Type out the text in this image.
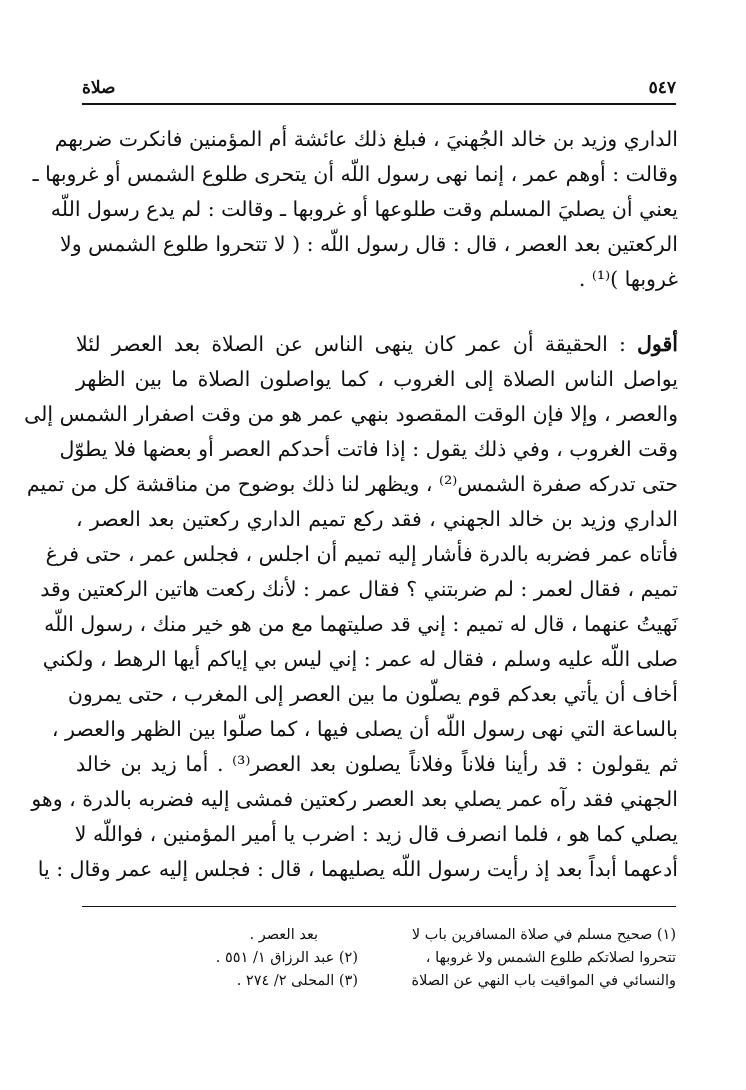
٥٤٧
صلاة
الداري وزيد بن خالد الجُهنيَ ، فبلغ ذلك عائشة أم المؤمنين فانكرت ضربهم
وقالت : أوهم عمر ، إنما نهى رسول اللّه أن يتحرى طلوع الشمس أو غروبها ـ
يعني أن يصليَ المسلم وقت طلوعها أو غروبها ـ وقالت : لم يدع رسول اللّه
الركعتين بعد العصر ، قال : قال رسول اللّه : ( لا تتحروا طلوع الشمس ولا
غروبها )⁽¹⁾ .
أقول : الحقيقة أن عمر كان ينهى الناس عن الصلاة بعد العصر لئلا
يواصل الناس الصلاة إلى الغروب ، كما يواصلون الصلاة ما بين الظهر
والعصر ، وإلا فإن الوقت المقصود بنهي عمر هو من وقت اصفرار الشمس إلى
وقت الغروب ، وفي ذلك يقول : إذا فاتت أحدكم العصر أو بعضها فلا يطوّل
حتى تدركه صفرة الشمس⁽²⁾ ، ويظهر لنا ذلك بوضوح من مناقشة كل من تميم
الداري وزيد بن خالد الجهني ، فقد ركع تميم الداري ركعتين بعد العصر ،
فأتاه عمر فضربه بالدرة فأشار إليه تميم أن اجلس ، فجلس عمر ، حتى فرغ
تميم ، فقال لعمر : لم ضربتني ؟ فقال عمر : لأنك ركعت هاتين الركعتين وقد
نَهيتُ عنهما ، قال له تميم : إني قد صليتهما مع من هو خير منك ، رسول اللّه
صلى اللّه عليه وسلم ، فقال له عمر : إني ليس بي إياكم أيها الرهط ، ولكني
أخاف أن يأتي بعدكم قوم يصلّون ما بين العصر إلى المغرب ، حتى يمرون
بالساعة التي نهى رسول اللّه أن يصلى فيها ، كما صلّوا بين الظهر والعصر ،
ثم يقولون : قد رأينا فلاناً وفلاناً يصلون بعد العصر⁽³⁾ . أما زيد بن خالد
الجهني فقد رآه عمر يصلي بعد العصر ركعتين فمشى إليه فضربه بالدرة ، وهو
يصلي كما هو ، فلما انصرف قال زيد : اضرب يا أمير المؤمنين ، فواللّه لا
أدعهما أبداً بعد إذ رأيت رسول اللّه يصليهما ، قال : فجلس إليه عمر وقال : يا
(١) صحيح مسلم في صلاة المسافرين باب لا
تتحروا لصلاتكم طلوع الشمس ولا غروبها ،
والنسائي في المواقيت باب النهي عن الصلاة
بعد العصر .
(٢) عبد الرزاق ١/ ٥٥١ .
(٣) المحلى ٢/ ٢٧٤ .
